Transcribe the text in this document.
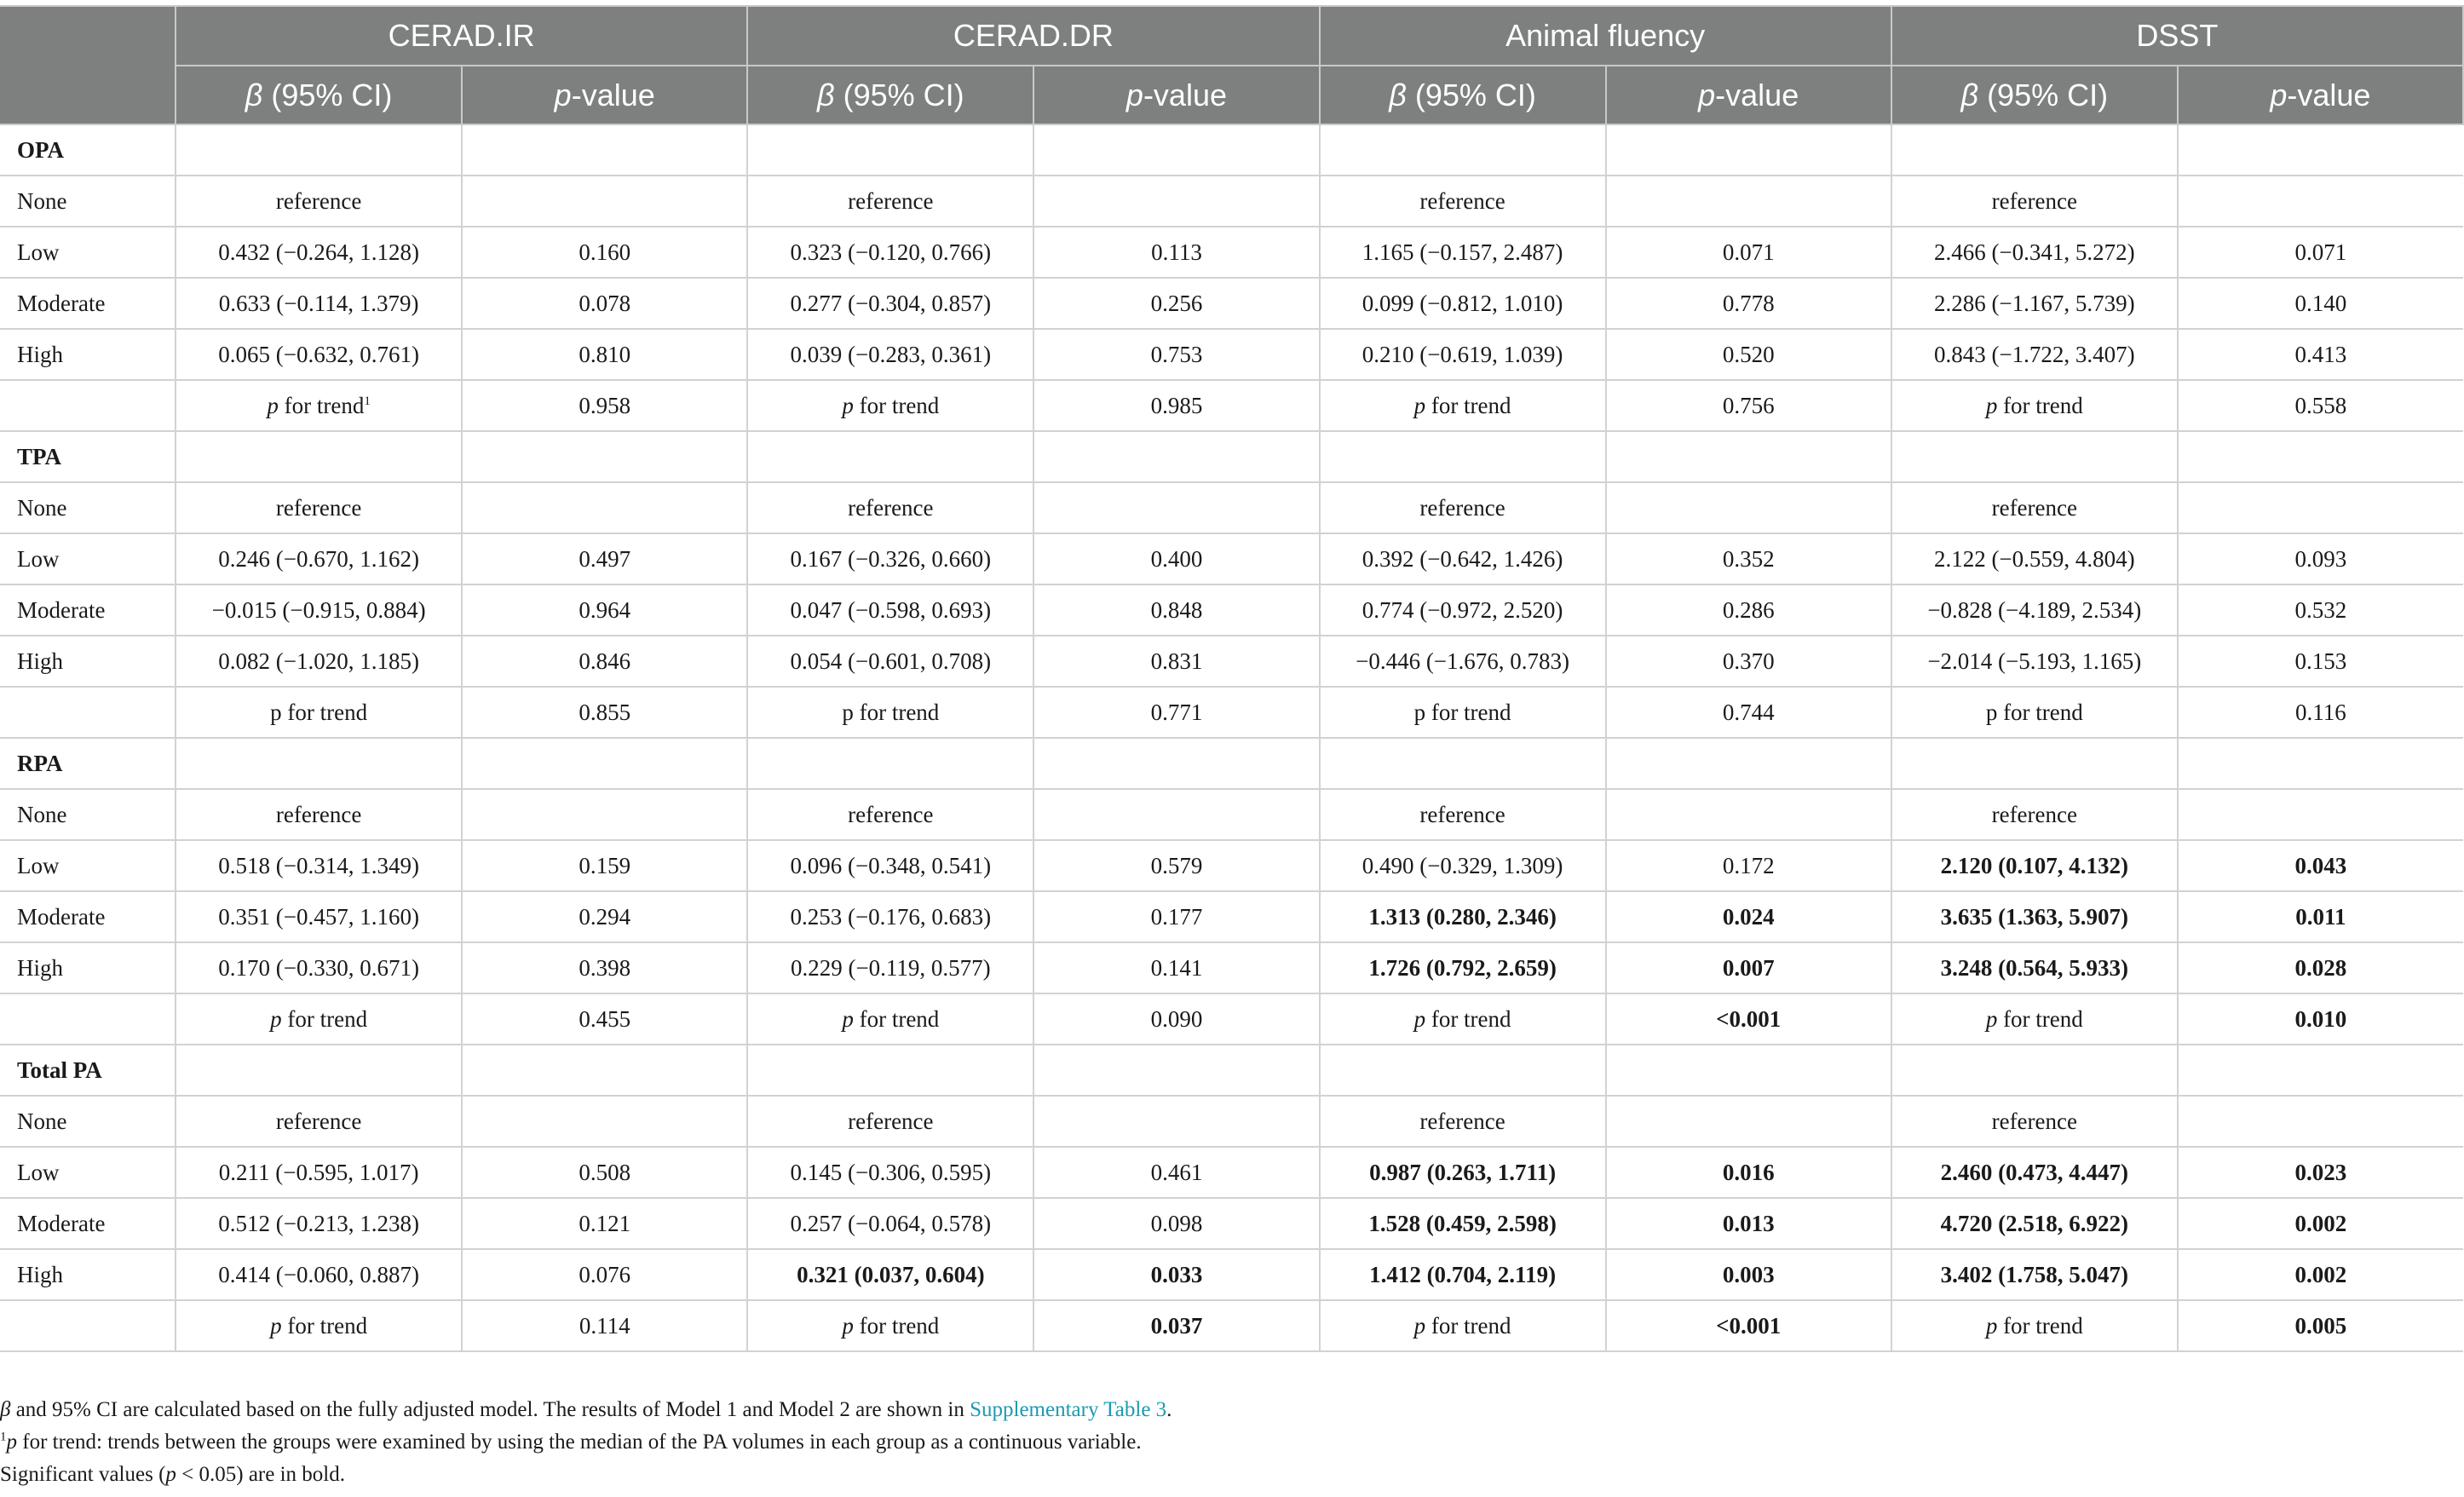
	CERAD.IR		CERAD.DR		Animal fluency		DSST	
	β (95% CI)	p-value	β (95% CI)	p-value	β (95% CI)	p-value	β (95% CI)	p-value
OPA								
None	reference		reference		reference		reference	
Low	0.432 (−0.264, 1.128)	0.160	0.323 (−0.120, 0.766)	0.113	1.165 (−0.157, 2.487)	0.071	2.466 (−0.341, 5.272)	0.071
Moderate	0.633 (−0.114, 1.379)	0.078	0.277 (−0.304, 0.857)	0.256	0.099 (−0.812, 1.010)	0.778	2.286 (−1.167, 5.739)	0.140
High	0.065 (−0.632, 0.761)	0.810	0.039 (−0.283, 0.361)	0.753	0.210 (−0.619, 1.039)	0.520	0.843 (−1.722, 3.407)	0.413
	p for trend$^1$	0.958	p for trend	0.985	p for trend	0.756	p for trend	0.558
TPA								
None	reference		reference		reference		reference	
Low	0.246 (−0.670, 1.162)	0.497	0.167 (−0.326, 0.660)	0.400	0.392 (−0.642, 1.426)	0.352	2.122 (−0.559, 4.804)	0.093
Moderate	−0.015 (−0.915, 0.884)	0.964	0.047 (−0.598, 0.693)	0.848	0.774 (−0.972, 2.520)	0.286	−0.828 (−4.189, 2.534)	0.532
High	0.082 (−1.020, 1.185)	0.846	0.054 (−0.601, 0.708)	0.831	−0.446 (−1.676, 0.783)	0.370	−2.014 (−5.193, 1.165)	0.153
	p for trend	0.855	p for trend	0.771	p for trend	0.744	p for trend	0.116
RPA								
None	reference		reference		reference		reference	
Low	0.518 (−0.314, 1.349)	0.159	0.096 (−0.348, 0.541)	0.579	0.490 (−0.329, 1.309)	0.172	2.120 (0.107, 4.132)	0.043
Moderate	0.351 (−0.457, 1.160)	0.294	0.253 (−0.176, 0.683)	0.177	1.313 (0.280, 2.346)	0.024	3.635 (1.363, 5.907)	0.011
High	0.170 (−0.330, 0.671)	0.398	0.229 (−0.119, 0.577)	0.141	1.726 (0.792, 2.659)	0.007	3.248 (0.564, 5.933)	0.028
	p for trend	0.455	p for trend	0.090	p for trend	<0.001	p for trend	0.010
Total PA								
None	reference		reference		reference		reference	
Low	0.211 (−0.595, 1.017)	0.508	0.145 (−0.306, 0.595)	0.461	0.987 (0.263, 1.711)	0.016	2.460 (0.473, 4.447)	0.023
Moderate	0.512 (−0.213, 1.238)	0.121	0.257 (−0.064, 0.578)	0.098	1.528 (0.459, 2.598)	0.013	4.720 (2.518, 6.922)	0.002
High	0.414 (−0.060, 0.887)	0.076	0.321 (0.037, 0.604)	0.033	1.412 (0.704, 2.119)	0.003	3.402 (1.758, 5.047)	0.002
	p for trend	0.114	p for trend	0.037	p for trend	<0.001	p for trend	0.005

β and 95% CI are calculated based on the fully adjusted model. The results of Model 1 and Model 2 are shown in Supplementary Table 3.

$^1$p for trend: trends between the groups were examined by using the median of the PA volumes in each group as a continuous variable.

Significant values (p < 0.05) are in bold.
